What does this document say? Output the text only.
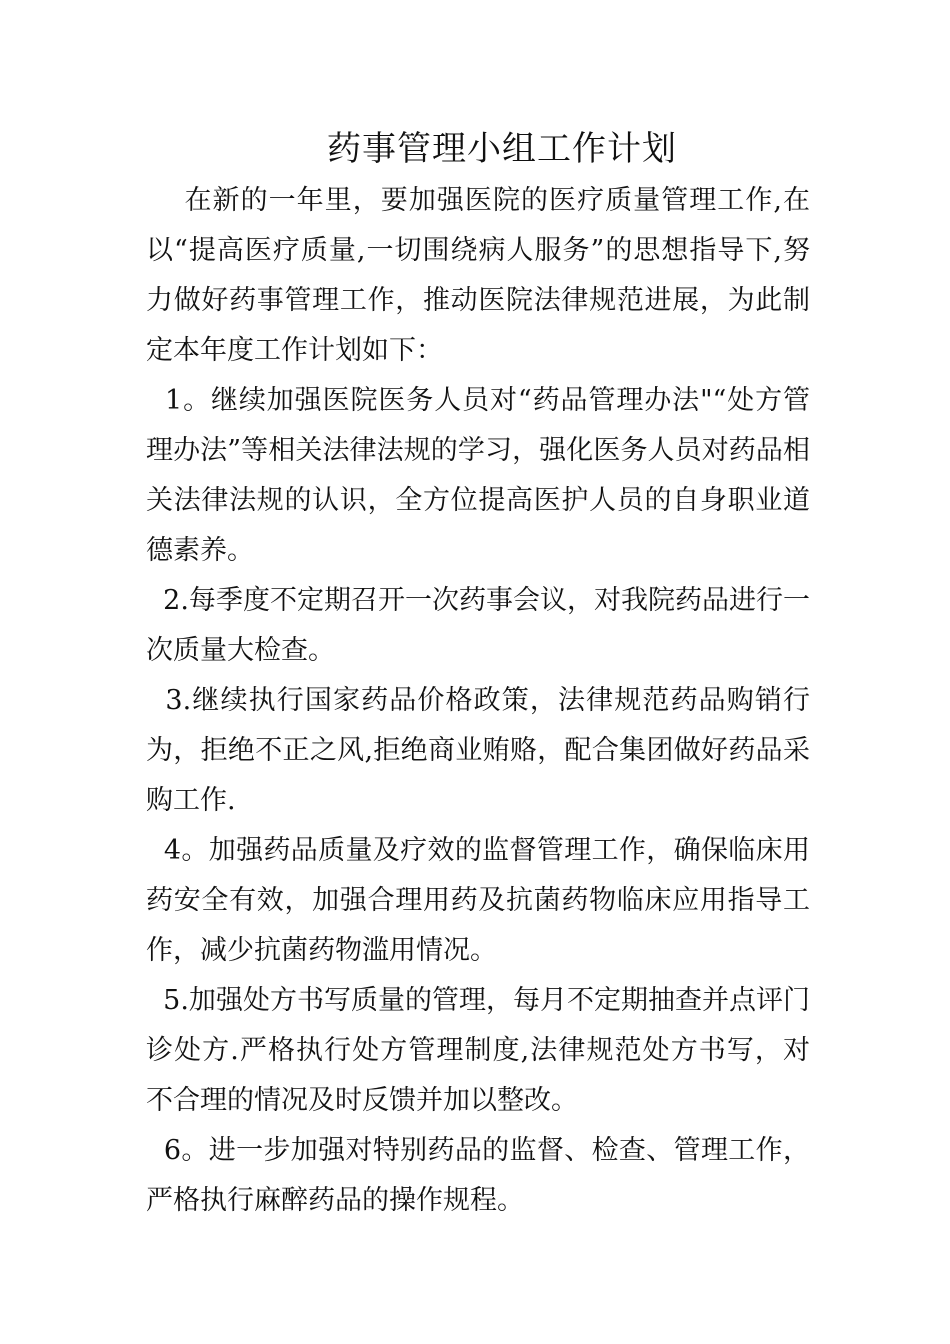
药事管理小组工作计划

在新的一年里，要加强医院的医疗质量管理工作,在以“提高医疗质量,一切围绕病人服务”的思想指导下,努力做好药事管理工作，推动医院法律规范进展，为此制定本年度工作计划如下：

1。继续加强医院医务人员对“药品管理办法"“处方管理办法”等相关法律法规的学习，强化医务人员对药品相关法律法规的认识，全方位提高医护人员的自身职业道德素养。

2.每季度不定期召开一次药事会议，对我院药品进行一次质量大检查。

3.继续执行国家药品价格政策，法律规范药品购销行为，拒绝不正之风,拒绝商业贿赂，配合集团做好药品采购工作.

4。加强药品质量及疗效的监督管理工作，确保临床用药安全有效，加强合理用药及抗菌药物临床应用指导工作，减少抗菌药物滥用情况。

5.加强处方书写质量的管理，每月不定期抽查并点评门诊处方.严格执行处方管理制度,法律规范处方书写，对不合理的情况及时反馈并加以整改。

6。进一步加强对特别药品的监督、检查、管理工作，严格执行麻醉药品的操作规程。
